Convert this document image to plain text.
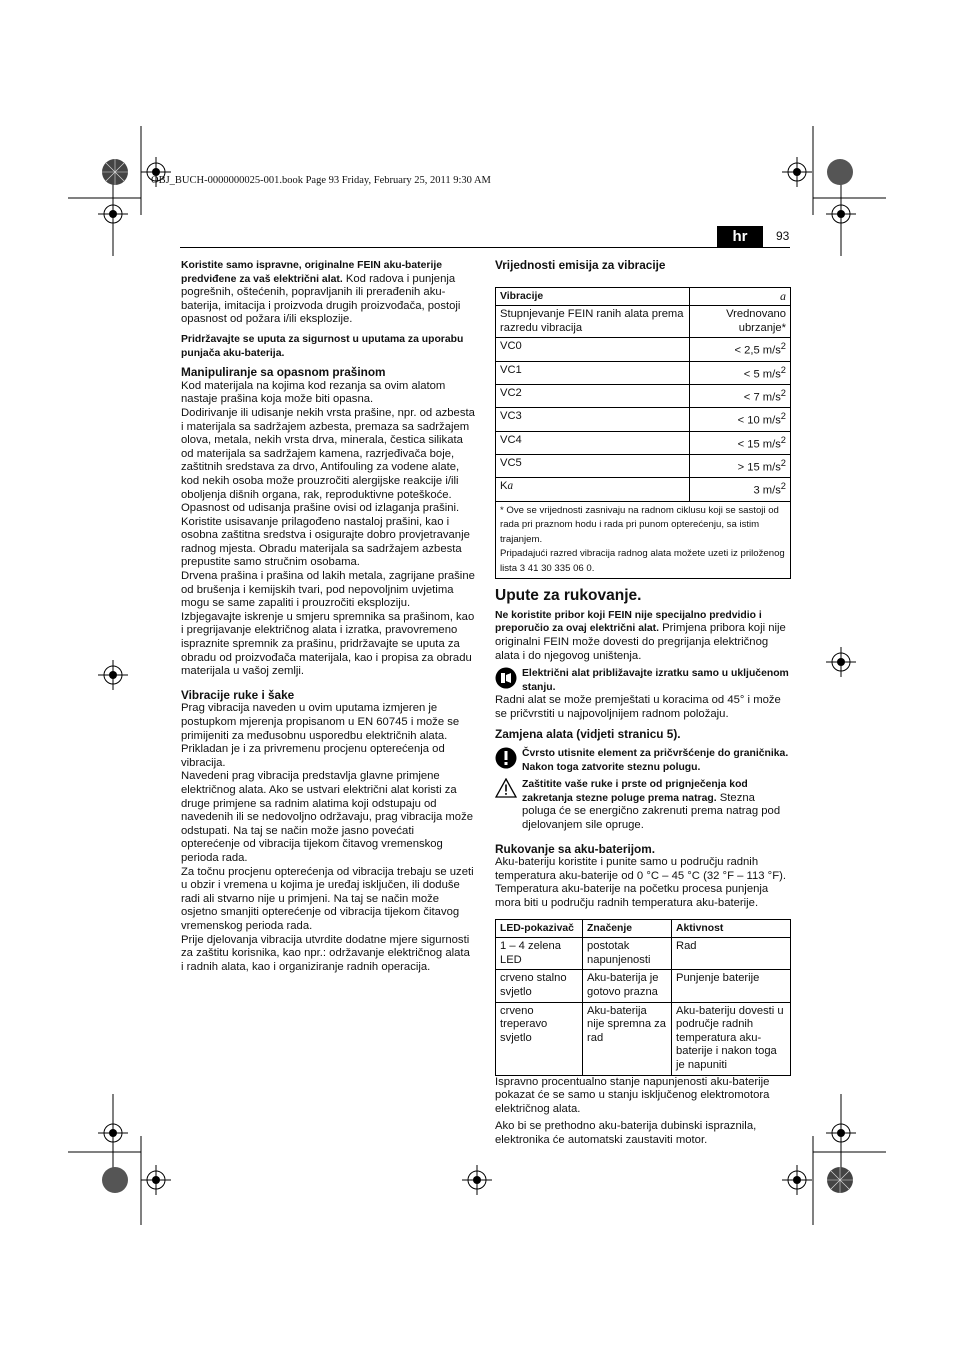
OBJ_BUCH-0000000025-001.book Page 93 Friday, February 25, 2011 9:30 AM
hr	93

Koristite samo ispravne, originalne FEIN aku-baterije predviđene za vaš električni alat. Kod radova i punjenja pogrešnih, oštećenih, popravljanih ili prerađenih aku-baterija, imitacija i proizvoda drugih proizvođača, postoji opasnost od požara i/ili eksplozije.

Pridržavajte se uputa za sigurnost u uputama za uporabu punjača aku-baterija.

Manipuliranje sa opasnom prašinom

Kod materijala na kojima kod rezanja sa ovim alatom nastaje prašina koja može biti opasna.

Dodirivanje ili udisanje nekih vrsta prašine, npr. od azbesta i materijala sa sadržajem azbesta, premaza sa sadržajem olova, metala, nekih vrsta drva, minerala, čestica silikata od materijala sa sadržajem kamena, razrjeđivača boje, zaštitnih sredstava za drvo, Antifouling za vodene alate, kod nekih osoba može prouzročiti alergijske reakcije i/ili oboljenja dišnih organa, rak, reproduktivne poteškoće. Opasnost od udisanja prašine ovisi od izlaganja prašini. Koristite usisavanje prilagođeno nastaloj prašini, kao i osobna zaštitna sredstva i osigurajte dobro provjetravanje radnog mjesta. Obradu materijala sa sadržajem azbesta prepustite samo stručnim osobama.

Drvena prašina i prašina od lakih metala, zagrijane prašine od brušenja i kemijskih tvari, pod nepovoljnim uvjetima mogu se same zapaliti i prouzročiti eksploziju.

Izbjegavajte iskrenje u smjeru spremnika sa prašinom, kao i pregrijavanje električnog alata i izratka, pravovremeno ispraznite spremnik za prašinu, pridržavajte se uputa za obradu od proizvođača materijala, kao i propisa za obradu materijala u vašoj zemlji.

Vibracije ruke i šake

Prag vibracija naveden u ovim uputama izmjeren je postupkom mjerenja propisanom u EN 60745 i može se primijeniti za međusobnu usporedbu električnih alata. Prikladan je i za privremenu procjenu opterećenja od vibracija.

Navedeni prag vibracija predstavlja glavne primjene električnog alata. Ako se ustvari električni alat koristi za druge primjene sa radnim alatima koji odstupaju od navedenih ili se nedovoljno održavaju, prag vibracija može odstupati. Na taj se način može jasno povećati opterećenje od vibracija tijekom čitavog vremenskog perioda rada.

Za točnu procjenu opterećenja od vibracija trebaju se uzeti u obzir i vremena u kojima je uređaj isključen, ili doduše radi ali stvarno nije u primjeni. Na taj se način može osjetno smanjiti opterećenje od vibracija tijekom čitavog vremenskog perioda rada.

Prije djelovanja vibracija utvrdite dodatne mjere sigurnosti za zaštitu korisnika, kao npr.: održavanje električnog alata i radnih alata, kao i organiziranje radnih operacija.

Vrijednosti emisija za vibracije

Vibracije	a
Stupnjevanje FEIN ranih alata prema razredu vibracija	Vrednovano ubrzanje*
VC0	< 2,5 $m/s^2$
VC1	< 5 $m/s^2$
VC2	< 7 $m/s^2$
VC3	< 10 $m/s^2$
VC4	< 15 $m/s^2$
VC5	> 15 $m/s^2$
Ka	3 $m/s^2$

* Ove se vrijednosti zasnivaju na radnom ciklusu koji se sastoji od rada pri praznom hodu i rada pri punom opterećenju, sa istim trajanjem.
Pripadajući razred vibracija radnog alata možete uzeti iz priloženog lista 3 41 30 335 06 0.	

Upute za rukovanje.

Ne koristite pribor koji FEIN nije specijalno predvidio i preporučio za ovaj električni alat. Primjena pribora koji nije originalni FEIN može dovesti do pregrijanja električnog alata i do njegovog uništenja.

Električni alat približavajte izratku samo u uključenom stanju.

Radni alat se može premještati u koracima od 45° i može se pričvrstiti u najpovoljnijem radnom položaju.

Zamjena alata (vidjeti stranicu 5).

Čvrsto utisnite element za pričvršćenje do graničnika. Nakon toga zatvorite steznu polugu.

Zaštitite vaše ruke i prste od prignječenja kod zakretanja stezne poluge prema natrag. Stezna poluga će se energično zakrenuti prema natrag pod djelovanjem sile opruge.

Rukovanje sa aku-baterijom.

Aku-bateriju koristite i punite samo u području radnih temperatura aku-baterije od 0 °C – 45 °C (32 °F – 113 °F). Temperatura aku-baterije na početku procesa punjenja mora biti u području radnih temperatura aku-baterije.

LED-pokazivač	Značenje	Aktivnost
1 – 4 zelena LED	postotak napunjenosti	Rad
crveno stalno svjetlo	Aku-baterija je gotovo prazna	Punjenje baterije
crveno treperavo svjetlo	Aku-baterija nije spremna za rad	Aku-bateriju dovesti u područje radnih temperatura aku-baterije i nakon toga je napuniti

Ispravno procentualno stanje napunjenosti aku-baterije pokazat će se samo u stanju isključenog elektromotora električnog alata.

Ako bi se prethodno aku-baterija dubinski ispraznila, elektronika će automatski zaustaviti motor.
